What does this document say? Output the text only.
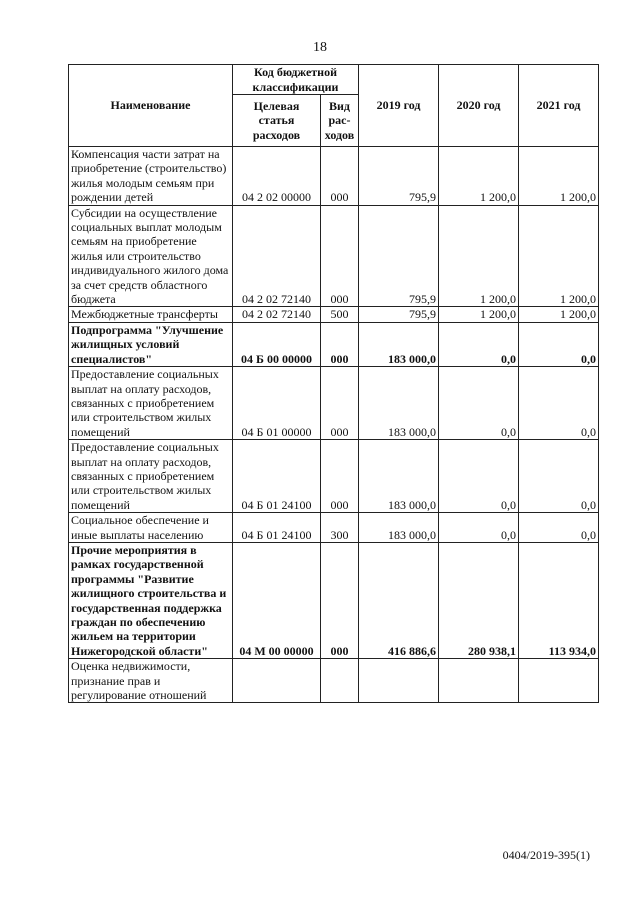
18
Наименование	Код бюджетной классификации		2019 год	2020 год	2021 год
	Целевая статья расходов	Вид рас-ходов			
Компенсация части затрат на приобретение (строительство) жилья молодым семьям при рождении детей	04 2 02 00000	000	795,9	1 200,0	1 200,0
Субсидии на осуществление социальных выплат молодым семьям на приобретение жилья или строительство индивидуального жилого дома за счет средств областного бюджета	04 2 02 72140	000	795,9	1 200,0	1 200,0
Межбюджетные трансферты	04 2 02 72140	500	795,9	1 200,0	1 200,0
Подпрограмма "Улучшение жилищных условий специалистов"	04 Б 00 00000	000	183 000,0	0,0	0,0
Предоставление социальных выплат на оплату расходов, связанных с приобретением или строительством жилых помещений	04 Б 01 00000	000	183 000,0	0,0	0,0
Предоставление социальных выплат на оплату расходов, связанных с приобретением или строительством жилых помещений	04 Б 01 24100	000	183 000,0	0,0	0,0
Социальное обеспечение и иные выплаты населению	04 Б 01 24100	300	183 000,0	0,0	0,0
Прочие мероприятия в рамках государственной программы "Развитие жилищного строительства и государственная поддержка граждан по обеспечению жильем на территории Нижегородской области"	04 М 00 00000	000	416 886,6	280 938,1	113 934,0
Оценка недвижимости, признание прав и регулирование отношений					
0404/2019-395(1)
